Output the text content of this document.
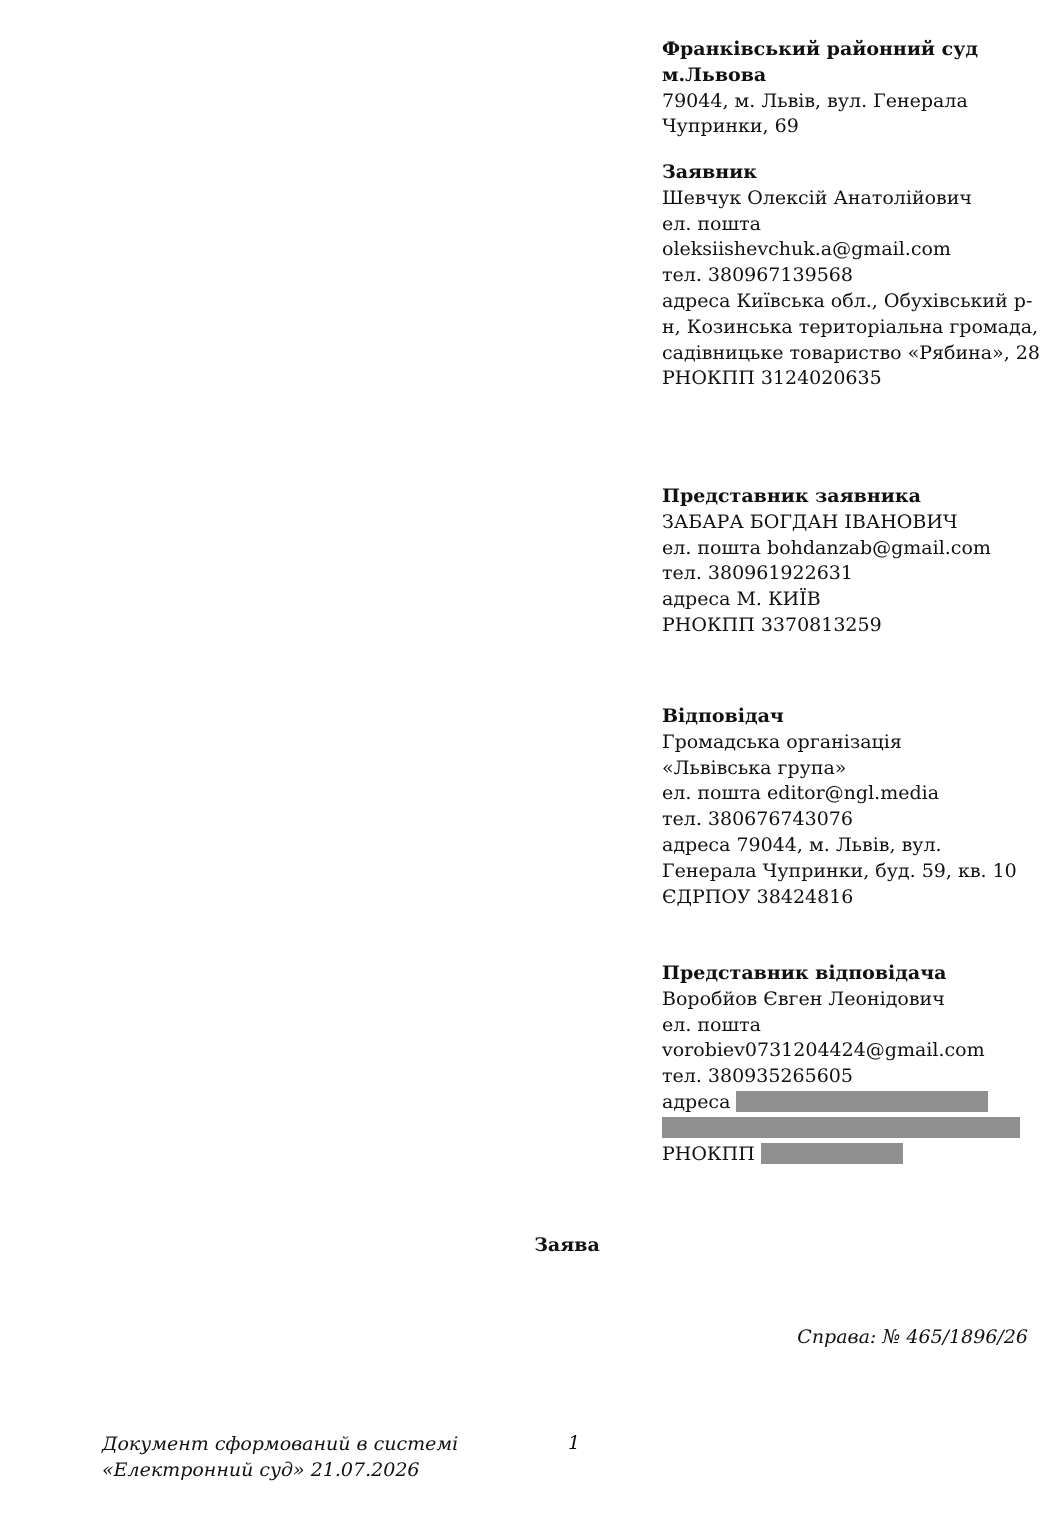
Франківський районний суд м.Львова
79044, м. Львів, вул. Генерала Чупринки, 69
Заявник
Шевчук Олексій Анатолійович
ел. пошта
oleksiishevchuk.a@gmail.com
тел. 380967139568
адреса Київська обл., Обухівський р-н, Козинська територіальна громада, садівницьке товариство «Рябина», 28
РНОКПП 3124020635
Представник заявника
ЗАБАРА БОГДАН ІВАНОВИЧ
ел. пошта bohdanzab@gmail.com
тел. 380961922631
адреса М. КИЇВ
РНОКПП 3370813259
Відповідач
Громадська організація «Львівська група»
ел. пошта editor@ngl.media
тел. 380676743076
адреса 79044, м. Львів, вул. Генерала Чупринки, буд. 59, кв. 10
ЄДРПОУ 38424816
Представник відповідача
Воробйов Євген Леонідович
ел. пошта
vorobiev0731204424@gmail.com
тел. 380935265605
адреса
РНОКПП
Заява
Справа: № 465/1896/26
Документ сформований в системі
«Електронний суд» 21.07.2026
1
